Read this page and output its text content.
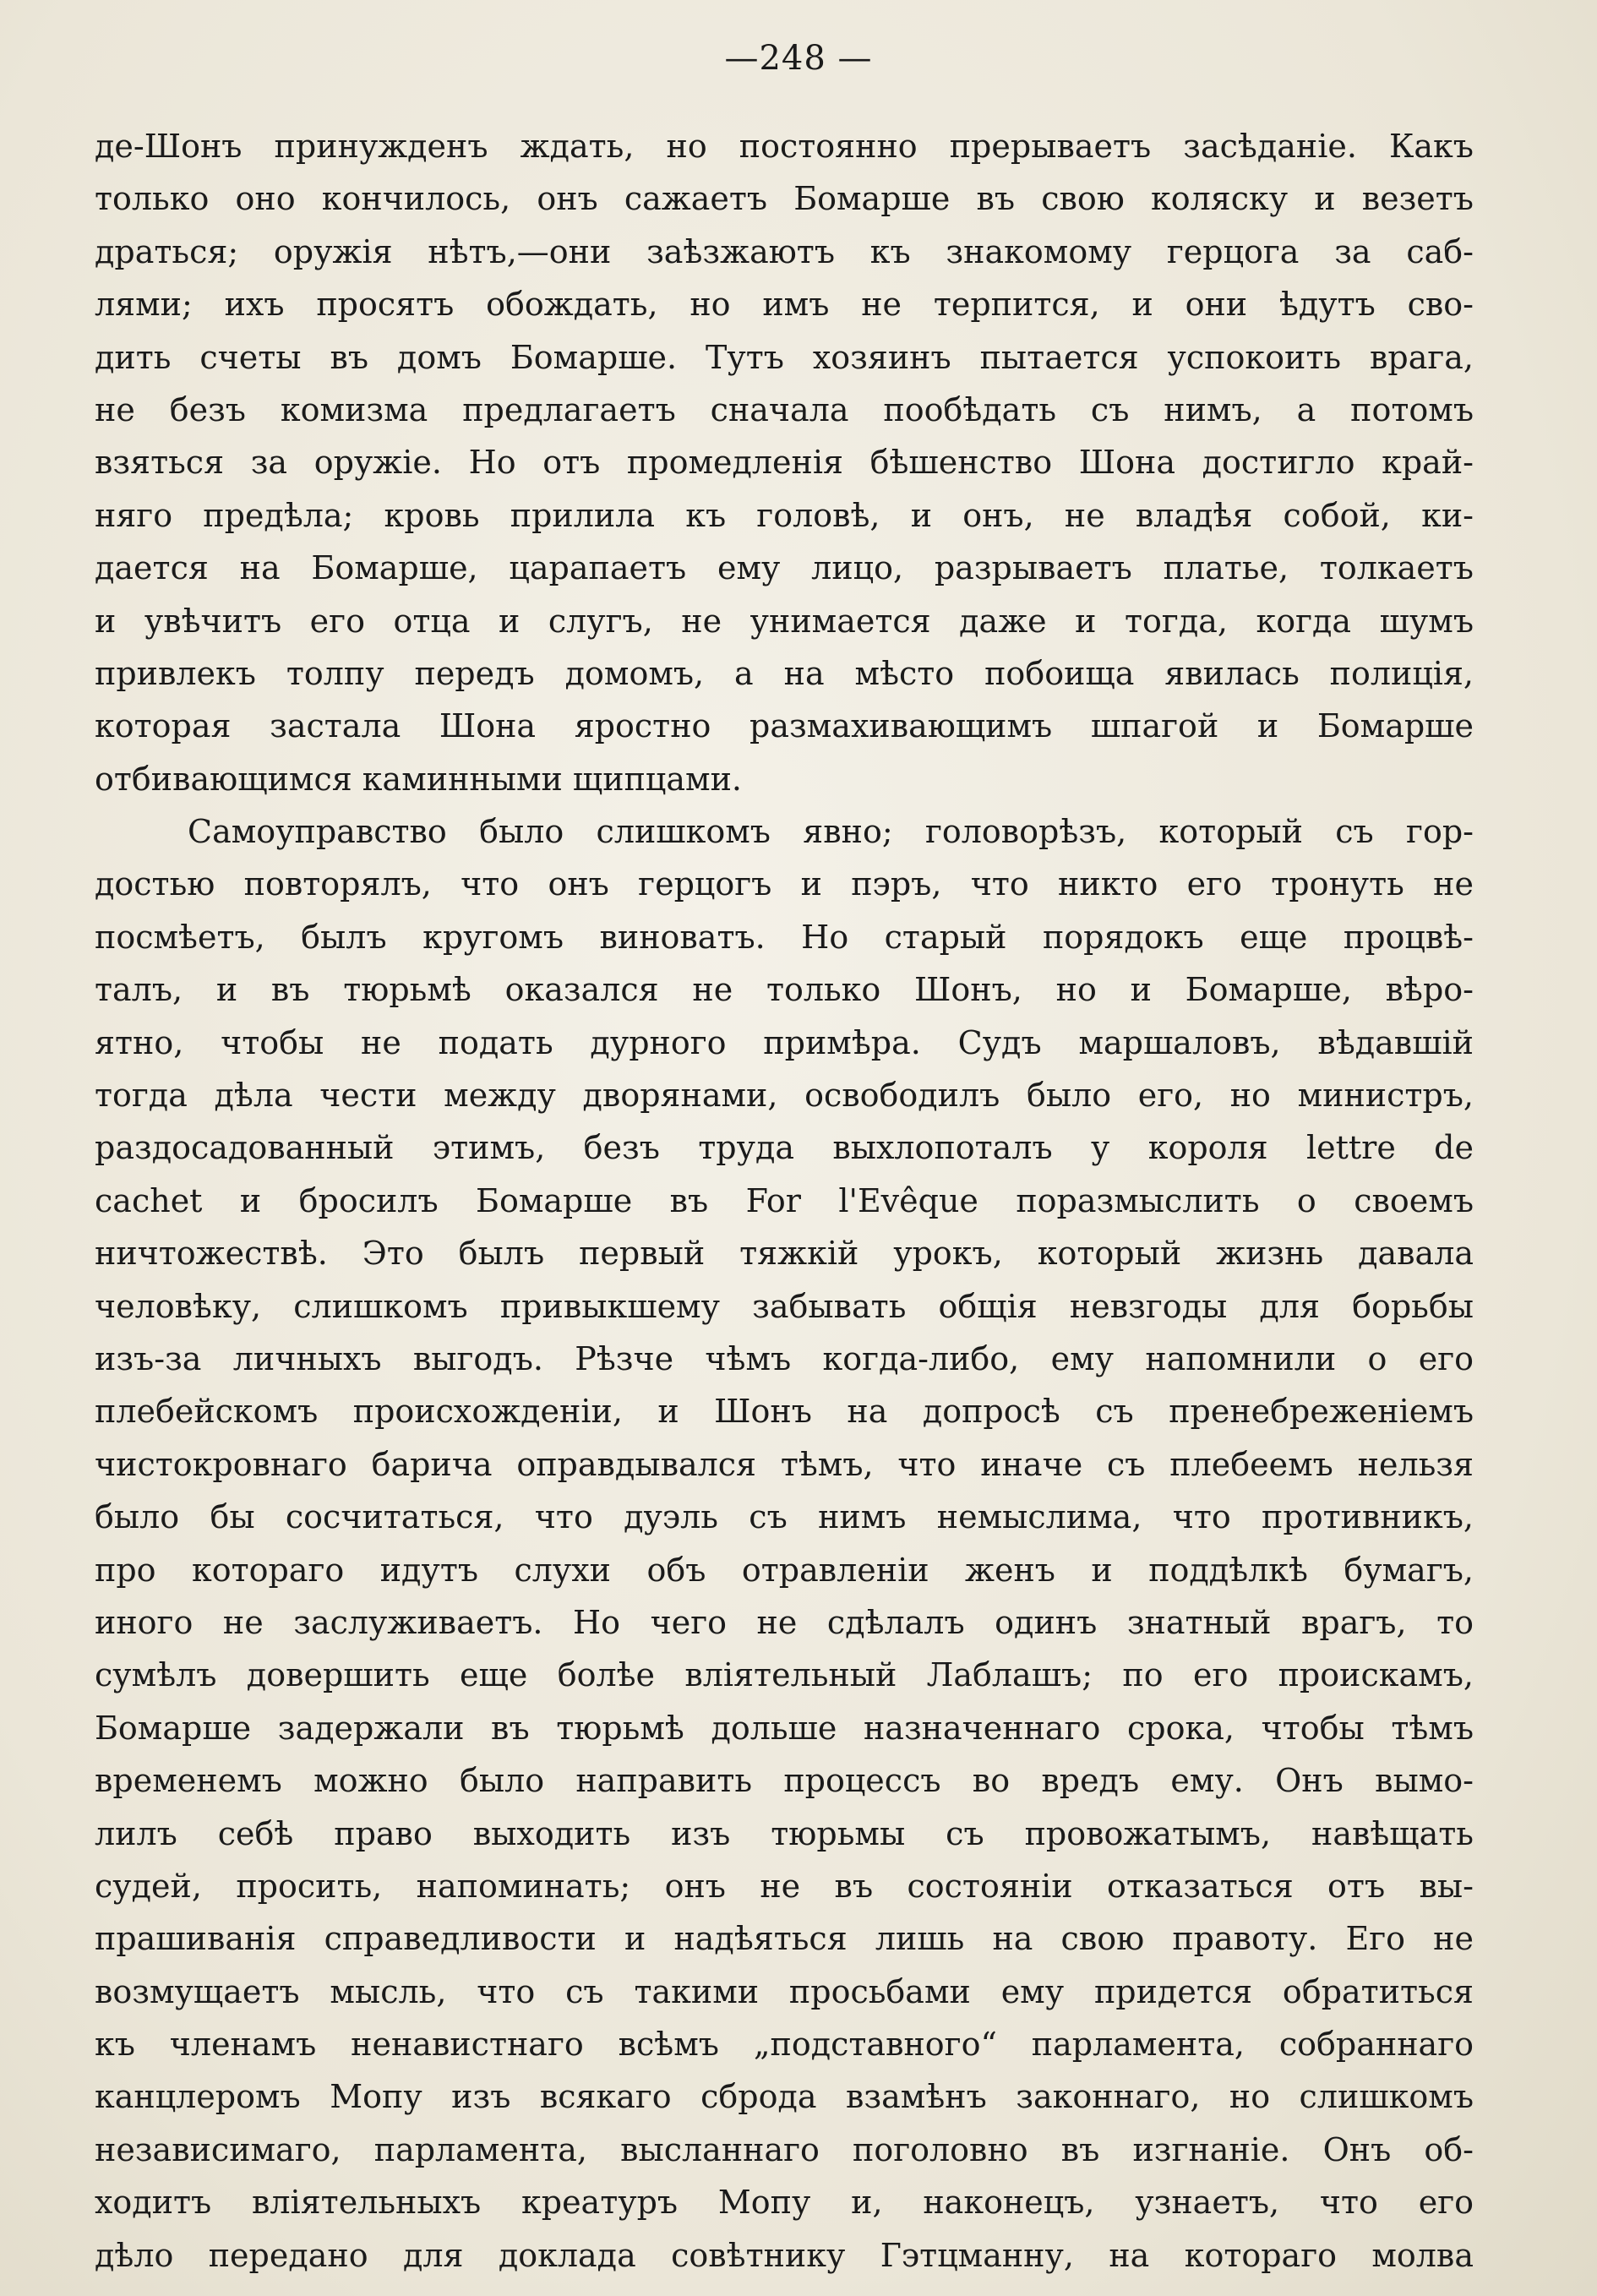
—248 —
де-Шонъ принужденъ ждать, но постоянно прерываетъ засѣданіе. Какъ
только оно кончилось, онъ сажаетъ Бомарше въ свою коляску и везетъ
драться; оружія нѣтъ,—они заѣзжаютъ къ знакомому герцога за саб-
лями; ихъ просятъ обождать, но имъ не терпится, и они ѣдутъ сво-
дить счеты въ домъ Бомарше. Тутъ хозяинъ пытается успокоить врага,
не безъ комизма предлагаетъ сначала пообѣдать съ нимъ, а потомъ
взяться за оружіе. Но отъ промедленія бѣшенство Шона достигло край-
няго предѣла; кровь прилила къ головѣ, и онъ, не владѣя собой, ки-
дается на Бомарше, царапаетъ ему лицо, разрываетъ платье, толкаетъ
и увѣчитъ его отца и слугъ, не унимается даже и тогда, когда шумъ
привлекъ толпу передъ домомъ, а на мѣсто побоища явилась полиція,
которая застала Шона яростно размахивающимъ шпагой и Бомарше
отбивающимся каминными щипцами.
Самоуправство было слишкомъ явно; головорѣзъ, который съ гор-
достью повторялъ, что онъ герцогъ и пэръ, что никто его тронуть не
посмѣетъ, былъ кругомъ виноватъ. Но старый порядокъ еще процвѣ-
талъ, и въ тюрьмѣ оказался не только Шонъ, но и Бомарше, вѣро-
ятно, чтобы не подать дурного примѣра. Судъ маршаловъ, вѣдавшій
тогда дѣла чести между дворянами, освободилъ было его, но министръ,
раздосадованный этимъ, безъ труда выхлопоталъ у короля lettre de
cachet и бросилъ Бомарше въ For l'Evêque поразмыслить о своемъ
ничтожествѣ. Это былъ первый тяжкій урокъ, который жизнь давала
человѣку, слишкомъ привыкшему забывать общія невзгоды для борьбы
изъ-за личныхъ выгодъ. Рѣзче чѣмъ когда-либо, ему напомнили о его
плебейскомъ происхожденіи, и Шонъ на допросѣ съ пренебреженіемъ
чистокровнаго барича оправдывался тѣмъ, что иначе съ плебеемъ нельзя
было бы сосчитаться, что дуэль съ нимъ немыслима, что противникъ,
про котораго идутъ слухи объ отравленіи женъ и поддѣлкѣ бумагъ,
иного не заслуживаетъ. Но чего не сдѣлалъ одинъ знатный врагъ, то
сумѣлъ довершить еще болѣе вліятельный Лаблашъ; по его проискамъ,
Бомарше задержали въ тюрьмѣ дольше назначеннаго срока, чтобы тѣмъ
временемъ можно было направить процессъ во вредъ ему. Онъ вымо-
лилъ себѣ право выходить изъ тюрьмы съ провожатымъ, навѣщать
судей, просить, напоминать; онъ не въ состояніи отказаться отъ вы-
прашиванія справедливости и надѣяться лишь на свою правоту. Его не
возмущаетъ мысль, что съ такими просьбами ему придется обратиться
къ членамъ ненавистнаго всѣмъ „подставного“ парламента, собраннаго
канцлеромъ Мопу изъ всякаго сброда взамѣнъ законнаго, но слишкомъ
независимаго, парламента, высланнаго поголовно въ изгнаніе. Онъ об-
ходитъ вліятельныхъ креатуръ Мопу и, наконецъ, узнаетъ, что его
дѣло передано для доклада совѣтнику Гэтцманну, на котораго молва
